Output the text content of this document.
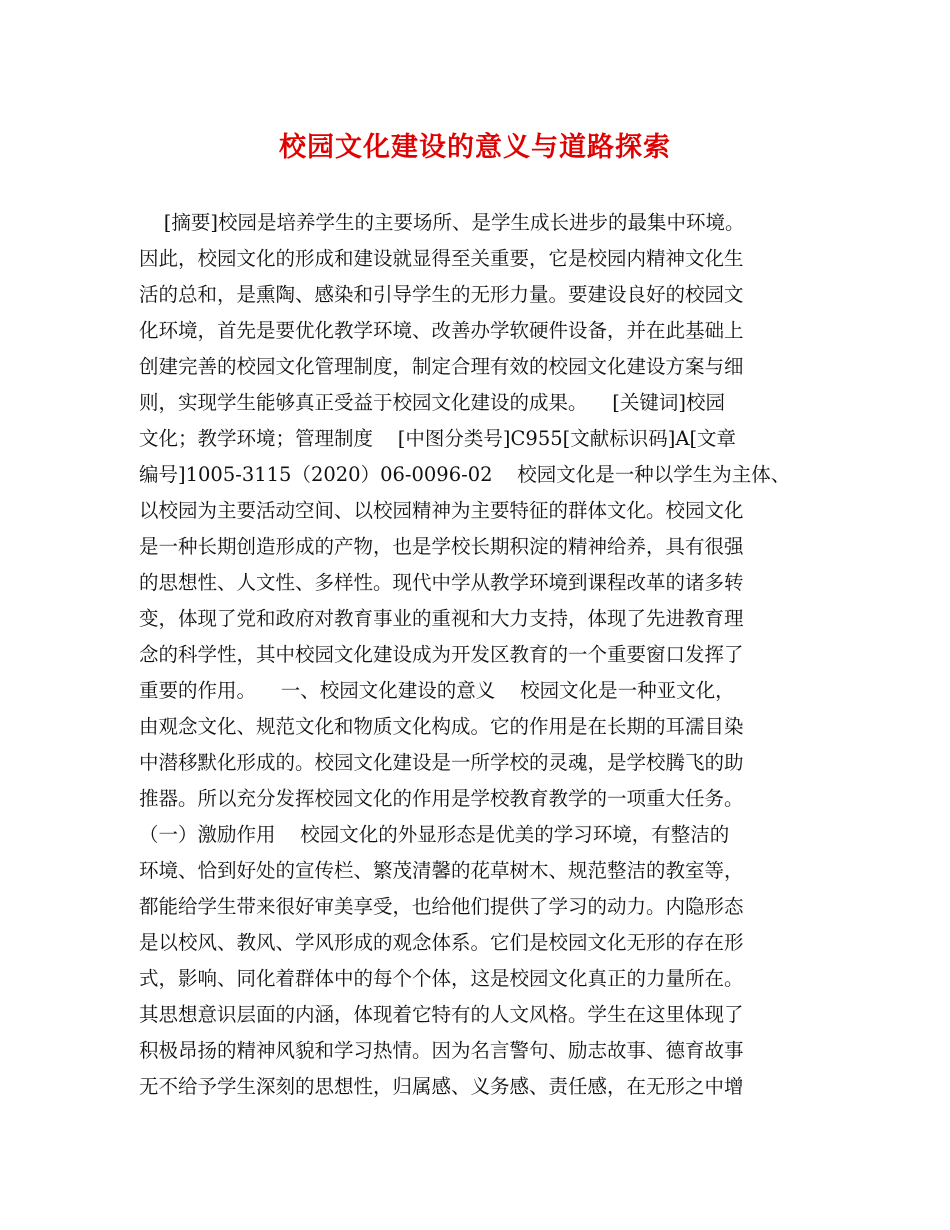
校园文化建设的意义与道路探索
[摘要]校园是培养学生的主要场所、是学生成长进步的最集中环境。
因此，校园文化的形成和建设就显得至关重要，它是校园内精神文化生
活的总和，是熏陶、感染和引导学生的无形力量。要建设良好的校园文
化环境，首先是要优化教学环境、改善办学软硬件设备，并在此基础上
创建完善的校园文化管理制度，制定合理有效的校园文化建设方案与细
则，实现学生能够真正受益于校园文化建设的成果。    [关键词]校园
文化；教学环境；管理制度    [中图分类号]C955[文献标识码]A[文章
编号]1005-3115（2020）06-0096-02    校园文化是一种以学生为主体、
以校园为主要活动空间、以校园精神为主要特征的群体文化。校园文化
是一种长期创造形成的产物，也是学校长期积淀的精神给养，具有很强
的思想性、人文性、多样性。现代中学从教学环境到课程改革的诸多转
变，体现了党和政府对教育事业的重视和大力支持，体现了先进教育理
念的科学性，其中校园文化建设成为开发区教育的一个重要窗口发挥了
重要的作用。    一、校园文化建设的意义    校园文化是一种亚文化，
由观念文化、规范文化和物质文化构成。它的作用是在长期的耳濡目染
中潜移默化形成的。校园文化建设是一所学校的灵魂，是学校腾飞的助
推器。所以充分发挥校园文化的作用是学校教育教学的一项重大任务。
（一）激励作用    校园文化的外显形态是优美的学习环境，有整洁的
环境、恰到好处的宣传栏、繁茂清馨的花草树木、规范整洁的教室等，
都能给学生带来很好审美享受，也给他们提供了学习的动力。内隐形态
是以校风、教风、学风形成的观念体系。它们是校园文化无形的存在形
式，影响、同化着群体中的每个个体，这是校园文化真正的力量所在。
其思想意识层面的内涵，体现着它特有的人文风格。学生在这里体现了
积极昂扬的精神风貌和学习热情。因为名言警句、励志故事、德育故事
无不给予学生深刻的思想性，归属感、义务感、责任感，在无形之中增
